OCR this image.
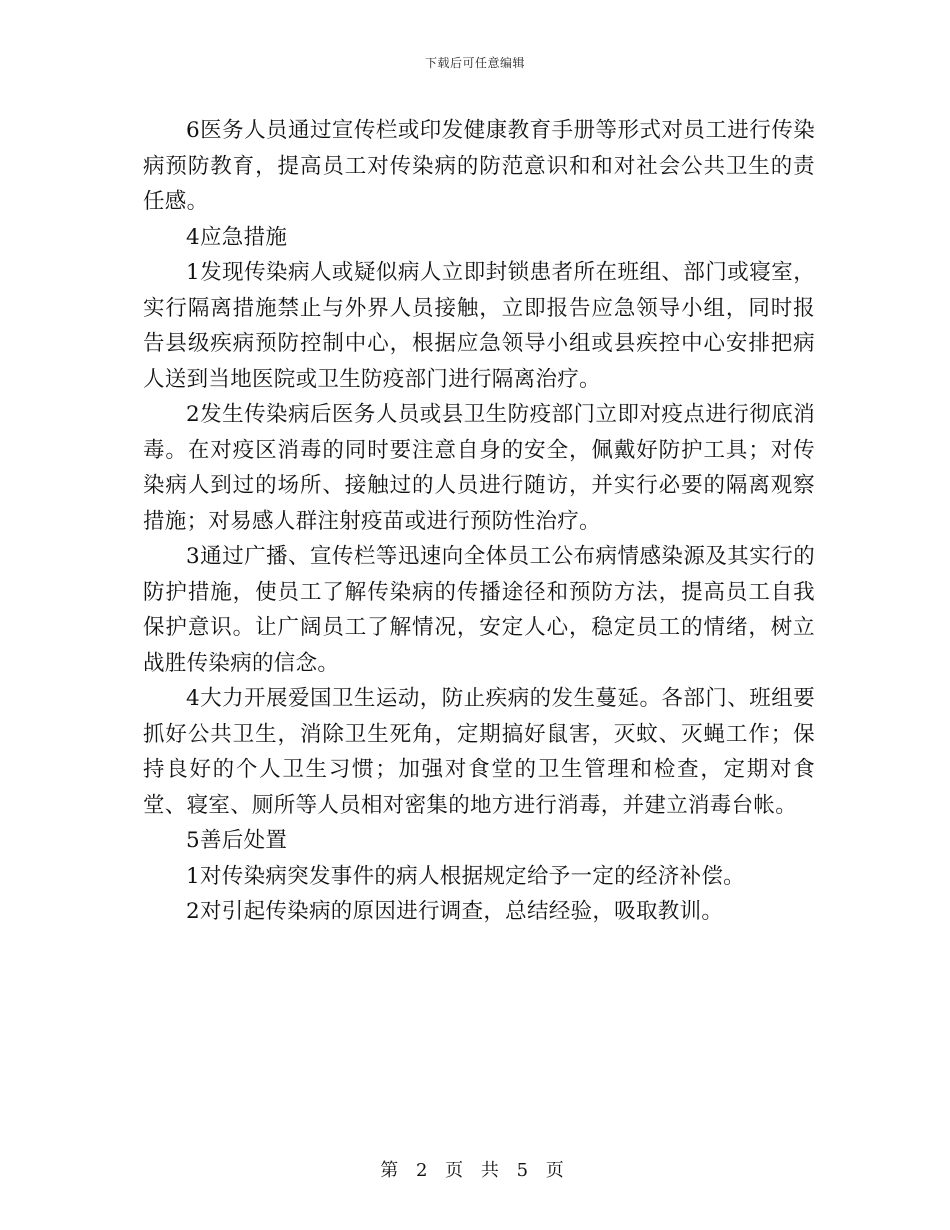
下载后可任意编辑

6医务人员通过宣传栏或印发健康教育手册等形式对员工进行传染病预防教育，提高员工对传染病的防范意识和和对社会公共卫生的责任感。

4应急措施

1发现传染病人或疑似病人立即封锁患者所在班组、部门或寝室，实行隔离措施禁止与外界人员接触，立即报告应急领导小组，同时报告县级疾病预防控制中心，根据应急领导小组或县疾控中心安排把病人送到当地医院或卫生防疫部门进行隔离治疗。

2发生传染病后医务人员或县卫生防疫部门立即对疫点进行彻底消毒。在对疫区消毒的同时要注意自身的安全，佩戴好防护工具；对传染病人到过的场所、接触过的人员进行随访，并实行必要的隔离观察措施；对易感人群注射疫苗或进行预防性治疗。

3通过广播、宣传栏等迅速向全体员工公布病情感染源及其实行的防护措施，使员工了解传染病的传播途径和预防方法，提高员工自我保护意识。让广阔员工了解情况，安定人心，稳定员工的情绪，树立战胜传染病的信念。

4大力开展爱国卫生运动，防止疾病的发生蔓延。各部门、班组要抓好公共卫生，消除卫生死角，定期搞好鼠害，灭蚊、灭蝇工作；保持良好的个人卫生习惯；加强对食堂的卫生管理和检查，定期对食堂、寝室、厕所等人员相对密集的地方进行消毒，并建立消毒台帐。

5善后处置

1对传染病突发事件的病人根据规定给予一定的经济补偿。

2对引起传染病的原因进行调查，总结经验，吸取教训。

第 2 页 共 5 页
